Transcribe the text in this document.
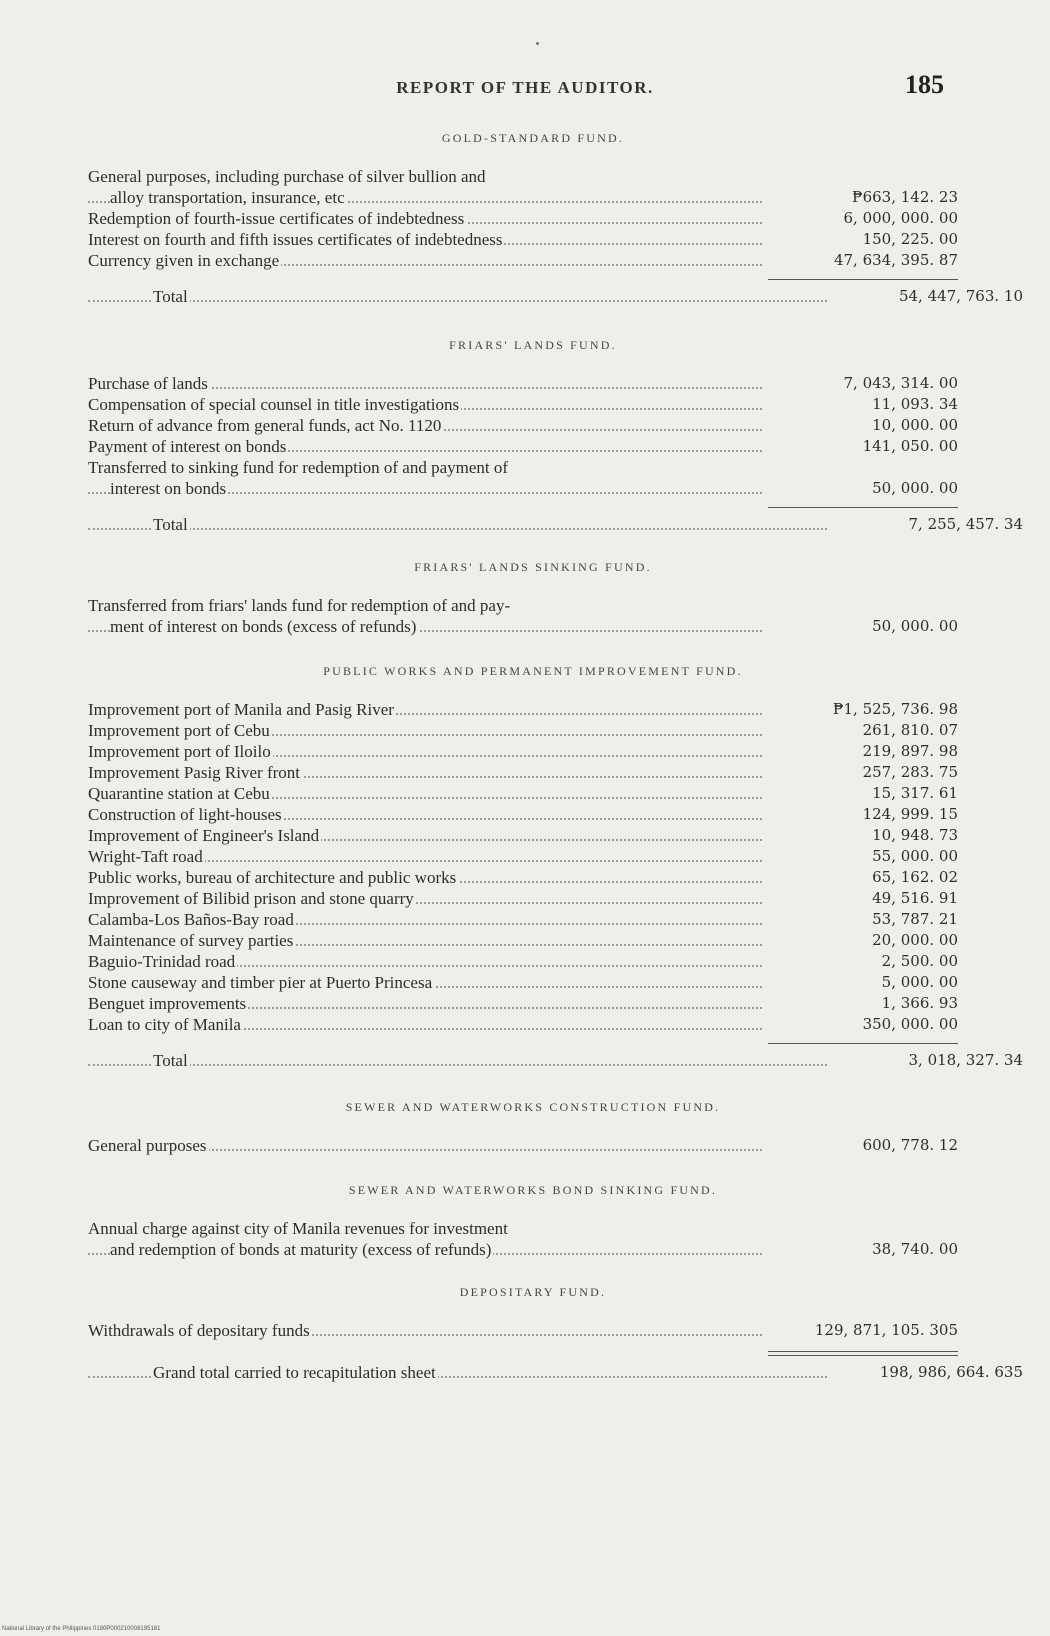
REPORT OF THE AUDITOR.	185
GOLD-STANDARD FUND.
General purposes, including purchase of silver bullion and
alloy transportation, insurance, etc	₱663, 142. 23
Redemption of fourth-issue certificates of indebtedness	6, 000, 000. 00
Interest on fourth and fifth issues certificates of indebtedness	150, 225. 00
Currency given in exchange	47, 634, 395. 87
Total	54, 447, 763. 10
FRIARS' LANDS FUND.
Purchase of lands	7, 043, 314. 00
Compensation of special counsel in title investigations	11, 093. 34
Return of advance from general funds, act No. 1120	10, 000. 00
Payment of interest on bonds	141, 050. 00
Transferred to sinking fund for redemption of and payment of
interest on bonds	50, 000. 00
Total	7, 255, 457. 34
FRIARS' LANDS SINKING FUND.
Transferred from friars' lands fund for redemption of and pay-
ment of interest on bonds (excess of refunds)	50, 000. 00
PUBLIC WORKS AND PERMANENT IMPROVEMENT FUND.
Improvement port of Manila and Pasig River	₱1, 525, 736. 98
Improvement port of Cebu	261, 810. 07
Improvement port of Iloilo	219, 897. 98
Improvement Pasig River front	257, 283. 75
Quarantine station at Cebu	15, 317. 61
Construction of light-houses	124, 999. 15
Improvement of Engineer's Island	10, 948. 73
Wright-Taft road	55, 000. 00
Public works, bureau of architecture and public works	65, 162. 02
Improvement of Bilibid prison and stone quarry	49, 516. 91
Calamba-Los Baños-Bay road	53, 787. 21
Maintenance of survey parties	20, 000. 00
Baguio-Trinidad road	2, 500. 00
Stone causeway and timber pier at Puerto Princesa	5, 000. 00
Benguet improvements	1, 366. 93
Loan to city of Manila	350, 000. 00
Total	3, 018, 327. 34
SEWER AND WATERWORKS CONSTRUCTION FUND.
General purposes	600, 778. 12
SEWER AND WATERWORKS BOND SINKING FUND.
Annual charge against city of Manila revenues for investment
and redemption of bonds at maturity (excess of refunds)	38, 740. 00
DEPOSITARY FUND.
Withdrawals of depositary funds	129, 871, 105. 305
Grand total carried to recapitulation sheet	198, 986, 664. 635
National Library of the Philippines 0180P000210008195181
